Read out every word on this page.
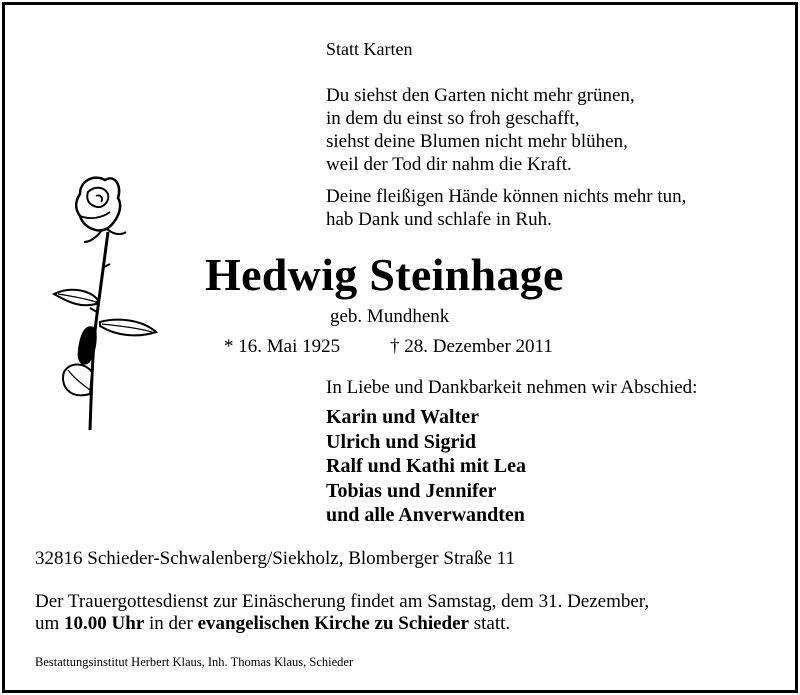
Statt Karten
Du siehst den Garten nicht mehr grünen,
in dem du einst so froh geschafft,
siehst deine Blumen nicht mehr blühen,
weil der Tod dir nahm die Kraft.
Deine fleißigen Hände können nichts mehr tun,
hab Dank und schlafe in Ruh.
Hedwig Steinhage
geb. Mundhenk
* 16. Mai 1925	† 28. Dezember 2011
In Liebe und Dankbarkeit nehmen wir Abschied:
Karin und Walter
Ulrich und Sigrid
Ralf und Kathi mit Lea
Tobias und Jennifer
und alle Anverwandten
32816 Schieder-Schwalenberg/Siekholz, Blomberger Straße 11
Der Trauergottesdienst zur Einäscherung findet am Samstag, dem 31. Dezember,
um 10.00 Uhr in der evangelischen Kirche zu Schieder statt.
Bestattungsinstitut Herbert Klaus, Inh. Thomas Klaus, Schieder
